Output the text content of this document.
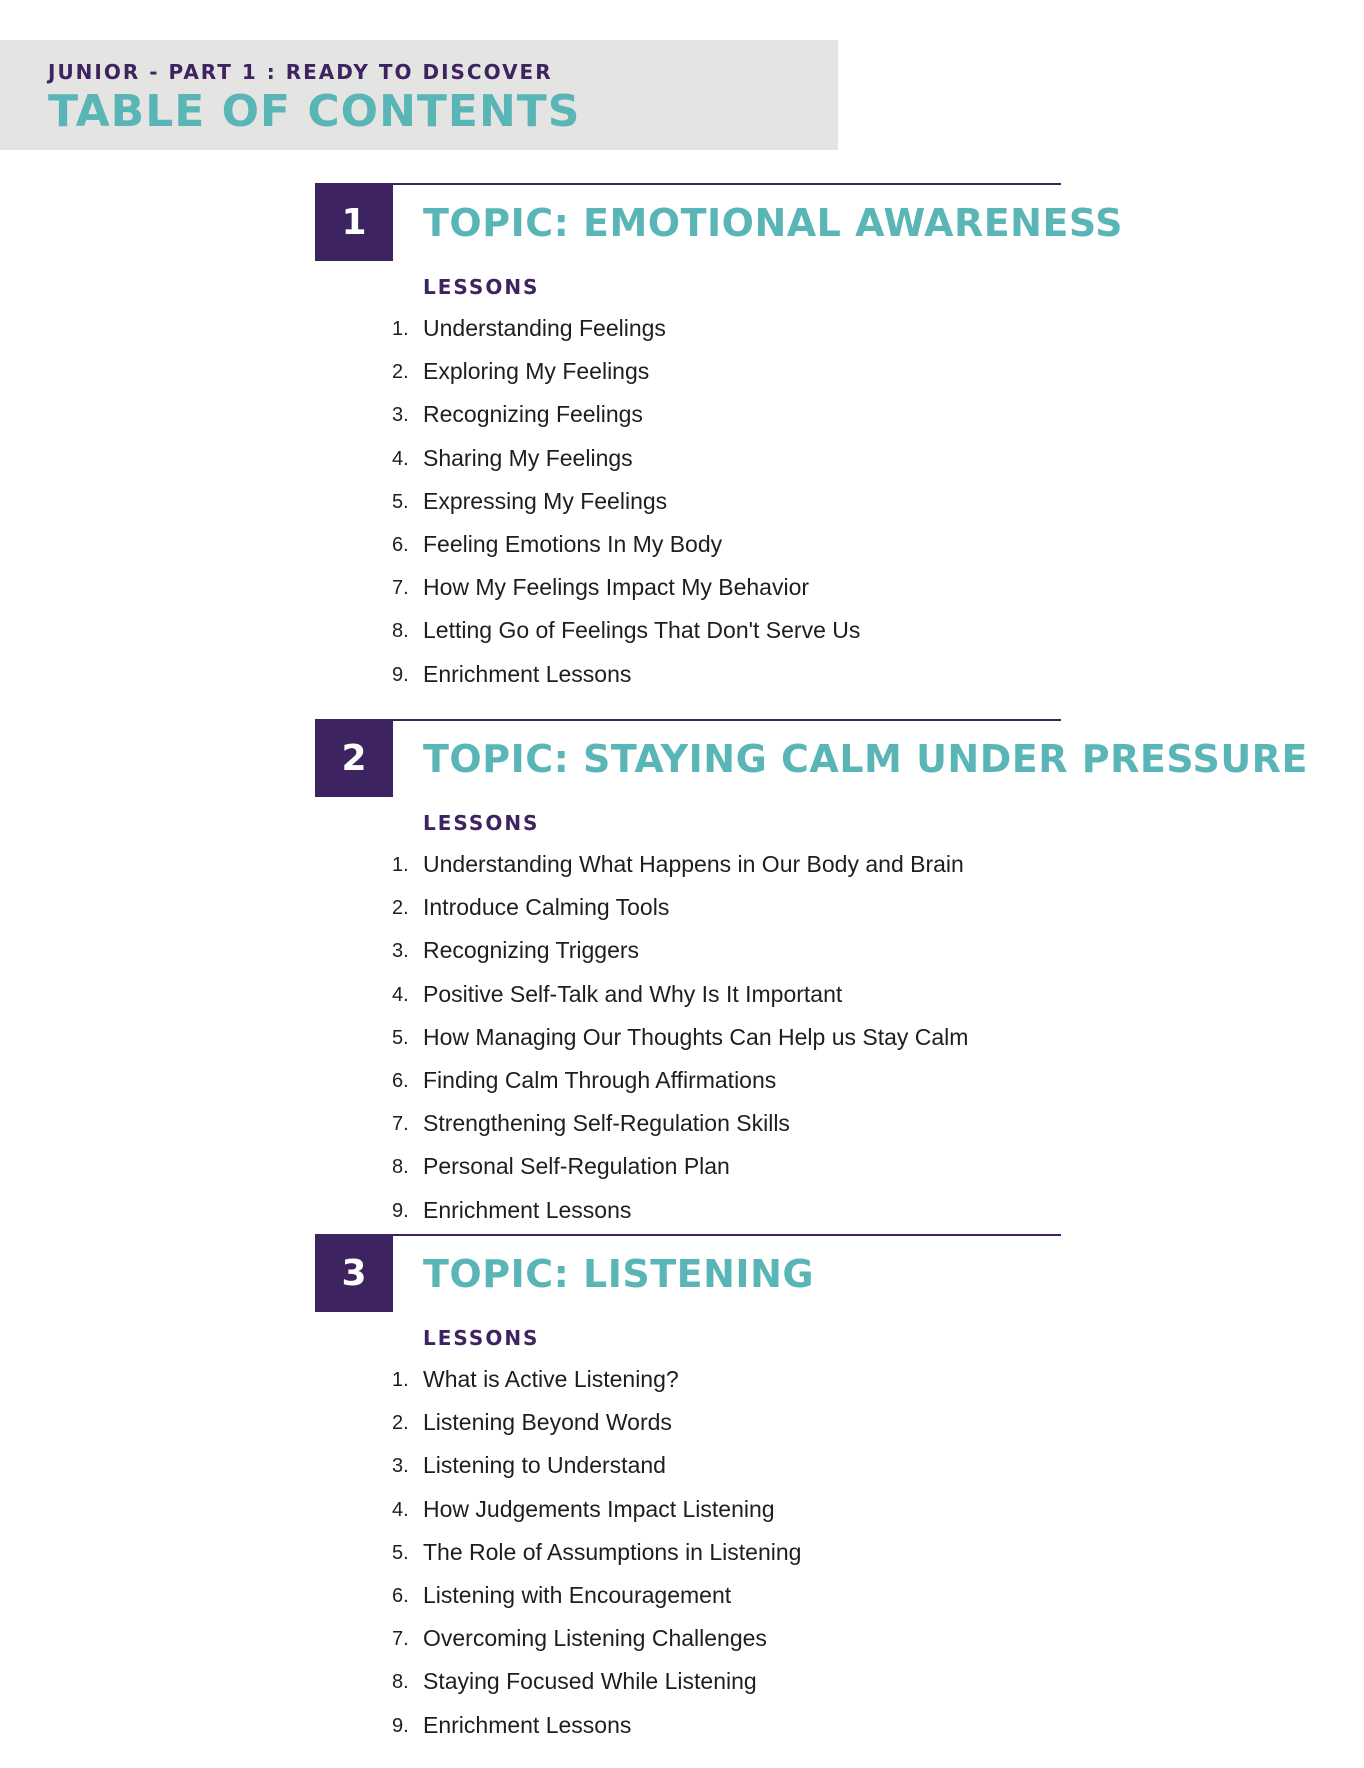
JUNIOR - PART 1 : READY TO DISCOVER

TABLE OF CONTENTS
1	TOPIC: EMOTIONAL AWARENESS
LESSONS
1. Understanding Feelings
2. Exploring My Feelings
3. Recognizing Feelings
4. Sharing My Feelings
5. Expressing My Feelings
6. Feeling Emotions In My Body
7. How My Feelings Impact My Behavior
8. Letting Go of Feelings That Don't Serve Us
9. Enrichment Lessons
2	TOPIC: STAYING CALM UNDER PRESSURE
LESSONS
1. Understanding What Happens in Our Body and Brain
2. Introduce Calming Tools
3. Recognizing Triggers
4. Positive Self-Talk and Why Is It Important
5. How Managing Our Thoughts Can Help us Stay Calm
6. Finding Calm Through Affirmations
7. Strengthening Self-Regulation Skills
8. Personal Self-Regulation Plan
9. Enrichment Lessons
3	TOPIC: LISTENING
LESSONS
1. What is Active Listening?
2. Listening Beyond Words
3. Listening to Understand
4. How Judgements Impact Listening
5. The Role of Assumptions in Listening
6. Listening with Encouragement
7. Overcoming Listening Challenges
8. Staying Focused While Listening
9. Enrichment Lessons
